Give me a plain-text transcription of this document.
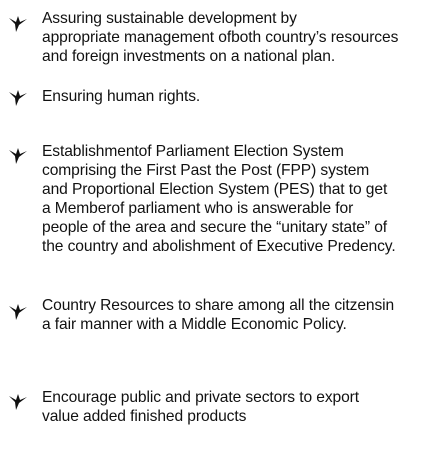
Assuring sustainable development by
appropriate management ofboth country’s resources
and foreign investments on a national plan.
Ensuring human rights.
Establishmentof Parliament Election System
comprising the First Past the Post (FPP) system
and Proportional Election System (PES) that to get
a Memberof parliament who is answerable for
people of the area and secure the “unitary state” of
the country and abolishment of Executive Predency.
Country Resources to share among all the citzensin
a fair manner with a Middle Economic Policy.
Encourage public and private sectors to export
value added finished products
